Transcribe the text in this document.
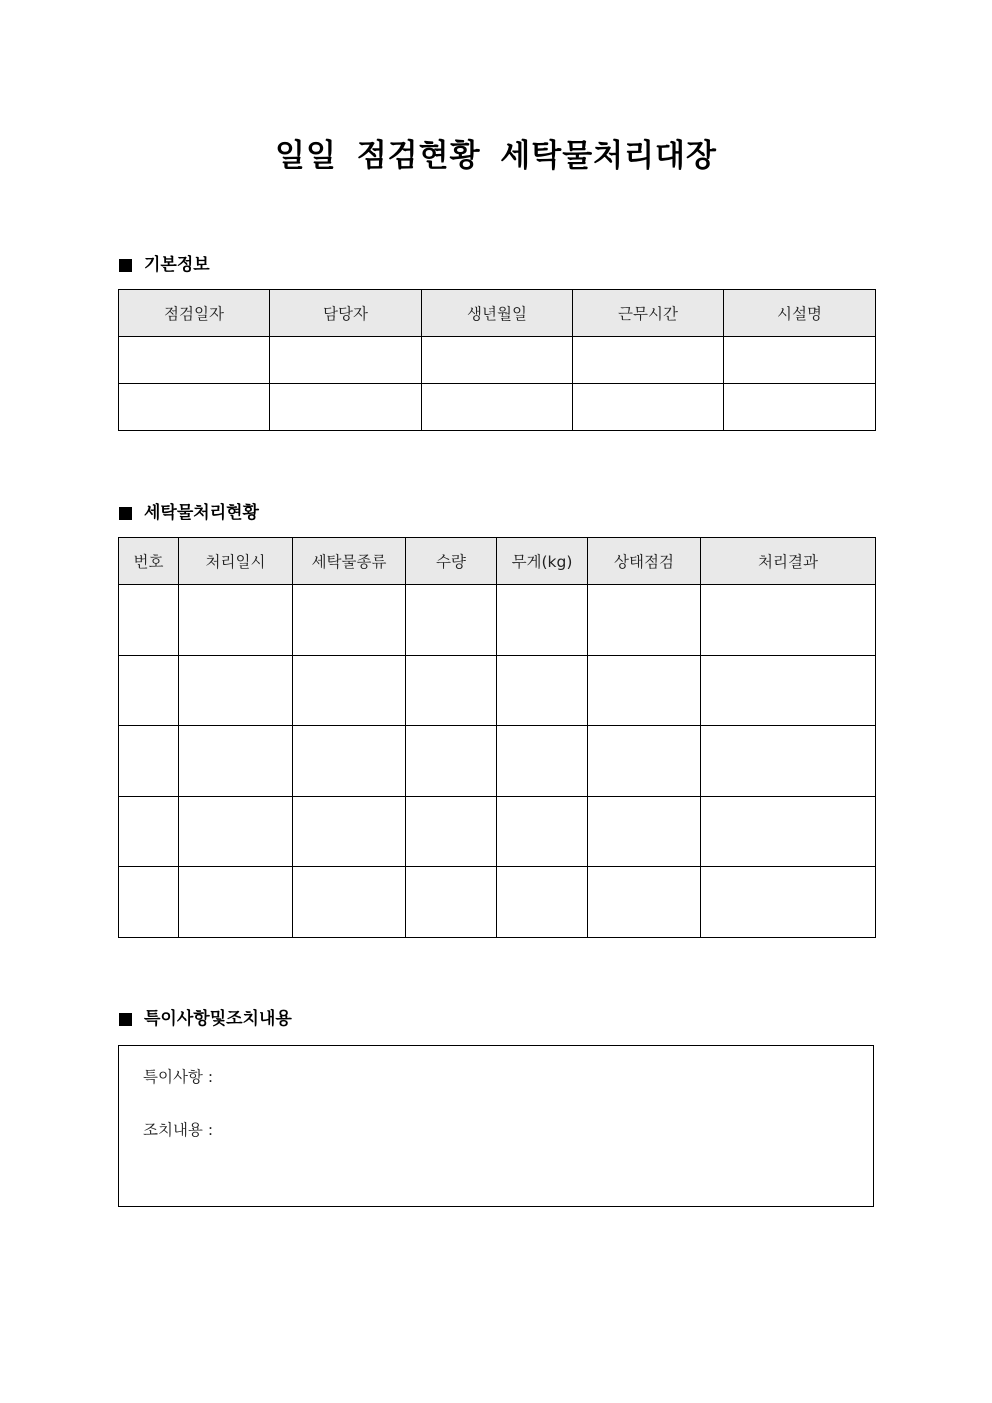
일일 점검현황 세탁물처리대장
기본정보
점검일자	담당자	생년월일	근무시간	시설명

세탁물처리현황
번호	처리일시	세탁물종류	수량	무게(kg)	상태점검	처리결과

특이사항및조치내용
특이사항 :
조치내용 :
